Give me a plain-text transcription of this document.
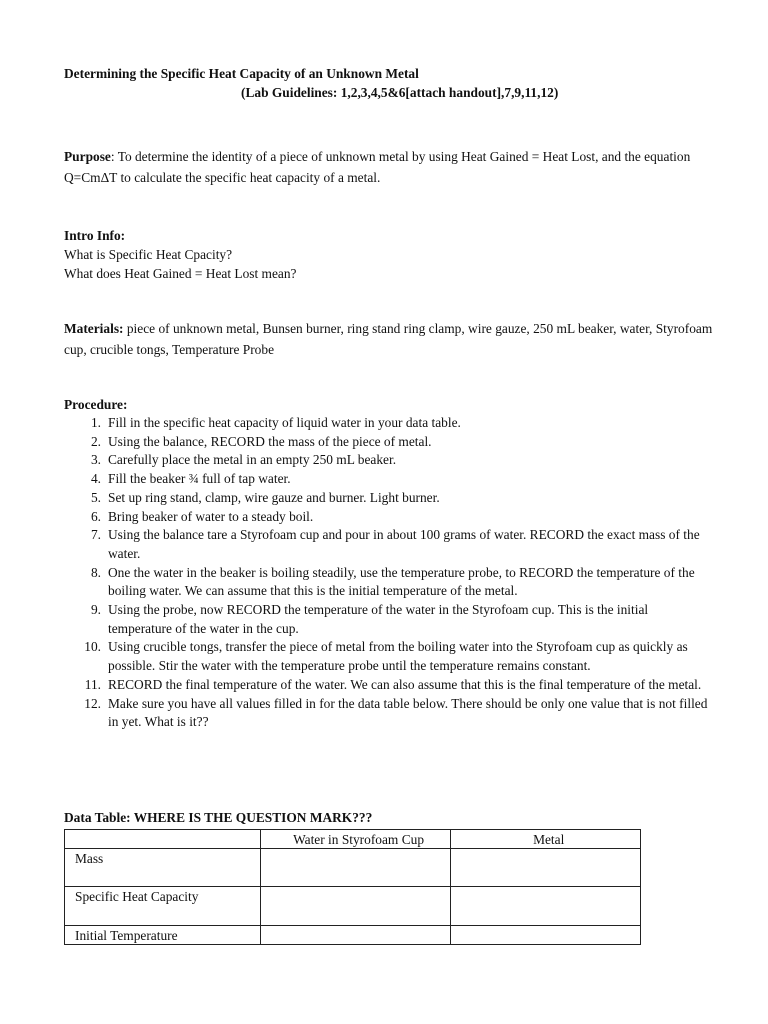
Determining the Specific Heat Capacity of an Unknown Metal

(Lab Guidelines: 1,2,3,4,5&6[attach handout],7,9,11,12)

Purpose: To determine the identity of a piece of unknown metal by using Heat Gained = Heat Lost, and the equation Q=CmΔT to calculate the specific heat capacity of a metal.

Intro Info:

What is Specific Heat Cpacity?

What does Heat Gained = Heat Lost mean?

Materials: piece of unknown metal, Bunsen burner, ring stand ring clamp, wire gauze, 250 mL beaker, water, Styrofoam cup, crucible tongs, Temperature Probe

Procedure:

1. Fill in the specific heat capacity of liquid water in your data table.
2. Using the balance, RECORD the mass of the piece of metal.
3. Carefully place the metal in an empty 250 mL beaker.
4. Fill the beaker ¾ full of tap water.
5. Set up ring stand, clamp, wire gauze and burner. Light burner.
6. Bring beaker of water to a steady boil.
7. Using the balance tare a Styrofoam cup and pour in about 100 grams of water. RECORD the exact mass of the water.
8. One the water in the beaker is boiling steadily, use the temperature probe, to RECORD the temperature of the boiling water. We can assume that this is the initial temperature of the metal.
9. Using the probe, now RECORD the temperature of the water in the Styrofoam cup. This is the initial temperature of the water in the cup.
10. Using crucible tongs, transfer the piece of metal from the boiling water into the Styrofoam cup as quickly as possible. Stir the water with the temperature probe until the temperature remains constant.
11. RECORD the final temperature of the water. We can also assume that this is the final temperature of the metal.
12. Make sure you have all values filled in for the data table below. There should be only one value that is not filled in yet. What is it??

Data Table: WHERE IS THE QUESTION MARK???

	Water in Styrofoam Cup	Metal
Mass		
Specific Heat Capacity		
Initial Temperature		
